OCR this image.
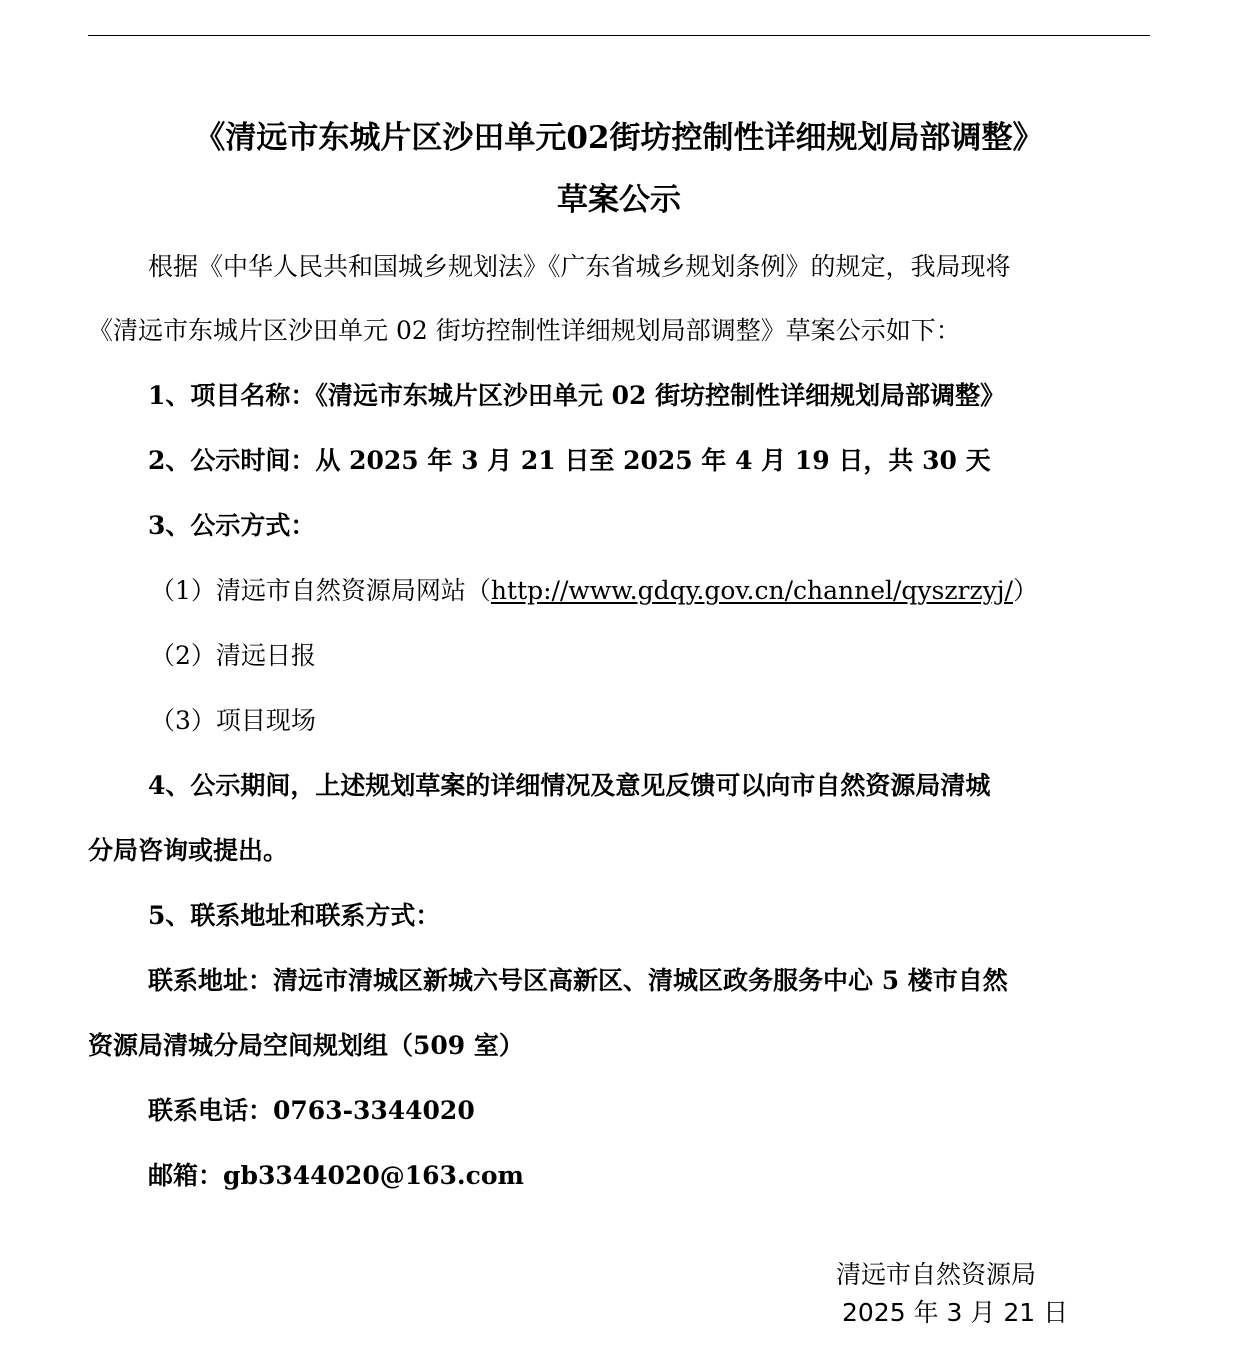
《清远市东城片区沙田单元02街坊控制性详细规划局部调整》
草案公示
根据《中华人民共和国城乡规划法》《广东省城乡规划条例》的规定，我局现将
《清远市东城片区沙田单元 02 街坊控制性详细规划局部调整》草案公示如下：
1、项目名称：《清远市东城片区沙田单元 02 街坊控制性详细规划局部调整》
2、公示时间：从 2025 年 3 月 21 日至 2025 年 4 月 19 日，共 30 天
3、公示方式：
（1）清远市自然资源局网站（http://www.gdqy.gov.cn/channel/qyszrzyj/）
（2）清远日报
（3）项目现场
4、公示期间，上述规划草案的详细情况及意见反馈可以向市自然资源局清城
分局咨询或提出。
5、联系地址和联系方式：
联系地址：清远市清城区新城六号区高新区、清城区政务服务中心 5 楼市自然
资源局清城分局空间规划组（509 室）
联系电话：0763-3344020
邮箱：gb3344020@163.com
清远市自然资源局
2025 年 3 月 21 日
